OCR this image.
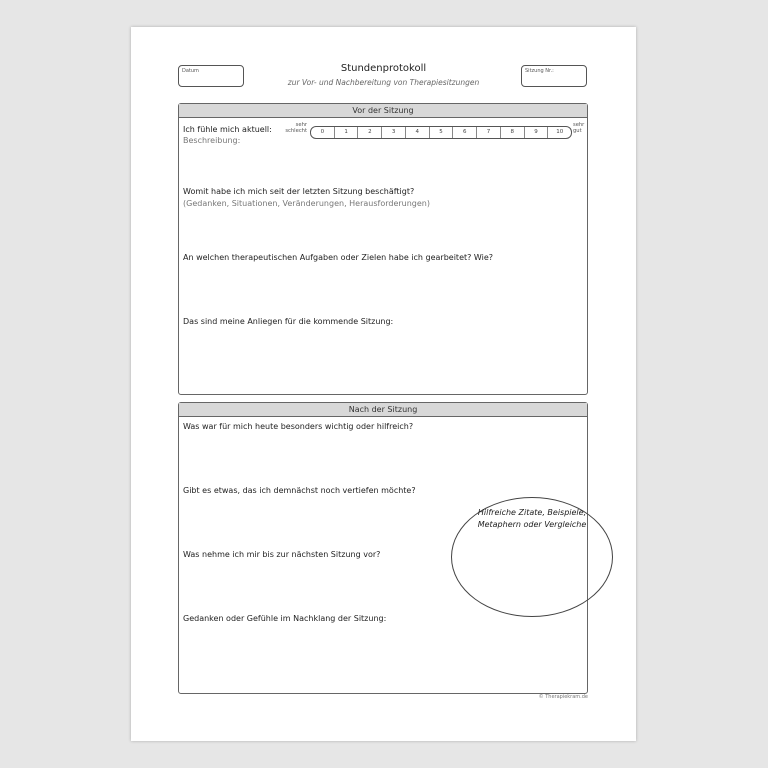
Datum	Stundenprotokoll
zur Vor- und Nachbereitung von Therapiesitzungen
Sitzung Nr.:
Vor der Sitzung
Ich fühle mich aktuell:	sehr
schlecht	0	1	2	3	4	5	6	7	8	9	10
sehr
gut
Beschreibung:
Womit habe ich mich seit der letzten Sitzung beschäftigt?
(Gedanken, Situationen, Veränderungen, Herausforderungen)
An welchen therapeutischen Aufgaben oder Zielen habe ich gearbeitet? Wie?
Das sind meine Anliegen für die kommende Sitzung:
Nach der Sitzung
Was war für mich heute besonders wichtig oder hilfreich?
Gibt es etwas, das ich demnächst noch vertiefen möchte?
Was nehme ich mir bis zur nächsten Sitzung vor?
Gedanken oder Gefühle im Nachklang der Sitzung:
Hilfreiche Zitate, Beispiele,
Metaphern oder Vergleiche
© Therapiekram.de
